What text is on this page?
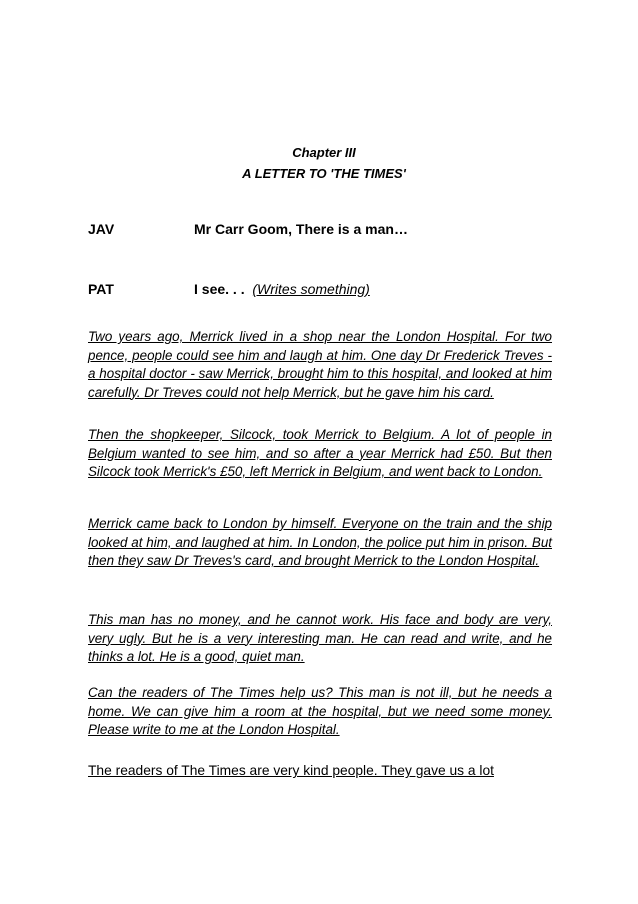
Chapter III
A LETTER TO 'THE TIMES'
JAV	Mr Carr Goom, There is a man…
PAT	I see. . . (Writes something)

Two years ago, Merrick lived in a shop near the London Hospital. For two pence, people could see him and laugh at him. One day Dr Frederick Treves - a hospital doctor - saw Merrick, brought him to this hospital, and looked at him carefully. Dr Treves could not help Merrick, but he gave him his card.

Then the shopkeeper, Silcock, took Merrick to Belgium. A lot of people in Belgium wanted to see him, and so after a year Merrick had £50. But then Silcock took Merrick's £50, left Merrick in Belgium, and went back to London.

Merrick came back to London by himself. Everyone on the train and the ship looked at him, and laughed at him. In London, the police put him in prison. But then they saw Dr Treves's card, and brought Merrick to the London Hospital.

This man has no money, and he cannot work. His face and body are very, very ugly. But he is a very interesting man. He can read and write, and he thinks a lot. He is a good, quiet man.

Can the readers of The Times help us? This man is not ill, but he needs a home. We can give him a room at the hospital, but we need some money. Please write to me at the London Hospital.

The readers of The Times are very kind people. They gave us a lot
